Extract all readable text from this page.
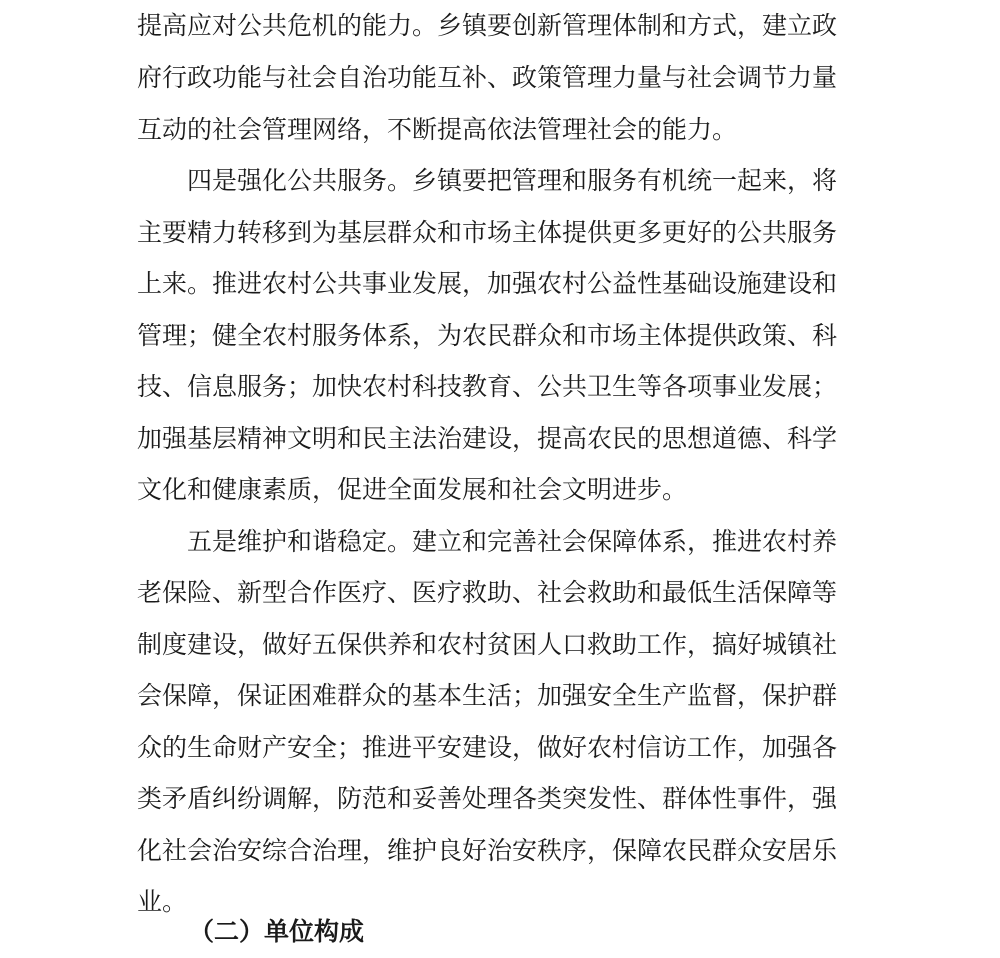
提高应对公共危机的能力。乡镇要创新管理体制和方式，建立政
府行政功能与社会自治功能互补、政策管理力量与社会调节力量
互动的社会管理网络，不断提高依法管理社会的能力。
四是强化公共服务。乡镇要把管理和服务有机统一起来，将
主要精力转移到为基层群众和市场主体提供更多更好的公共服务
上来。推进农村公共事业发展，加强农村公益性基础设施建设和
管理；健全农村服务体系，为农民群众和市场主体提供政策、科
技、信息服务；加快农村科技教育、公共卫生等各项事业发展；
加强基层精神文明和民主法治建设，提高农民的思想道德、科学
文化和健康素质，促进全面发展和社会文明进步。
五是维护和谐稳定。建立和完善社会保障体系，推进农村养
老保险、新型合作医疗、医疗救助、社会救助和最低生活保障等
制度建设，做好五保供养和农村贫困人口救助工作，搞好城镇社
会保障，保证困难群众的基本生活；加强安全生产监督，保护群
众的生命财产安全；推进平安建设，做好农村信访工作，加强各
类矛盾纠纷调解，防范和妥善处理各类突发性、群体性事件，强
化社会治安综合治理，维护良好治安秩序，保障农民群众安居乐
业。
（二）单位构成
